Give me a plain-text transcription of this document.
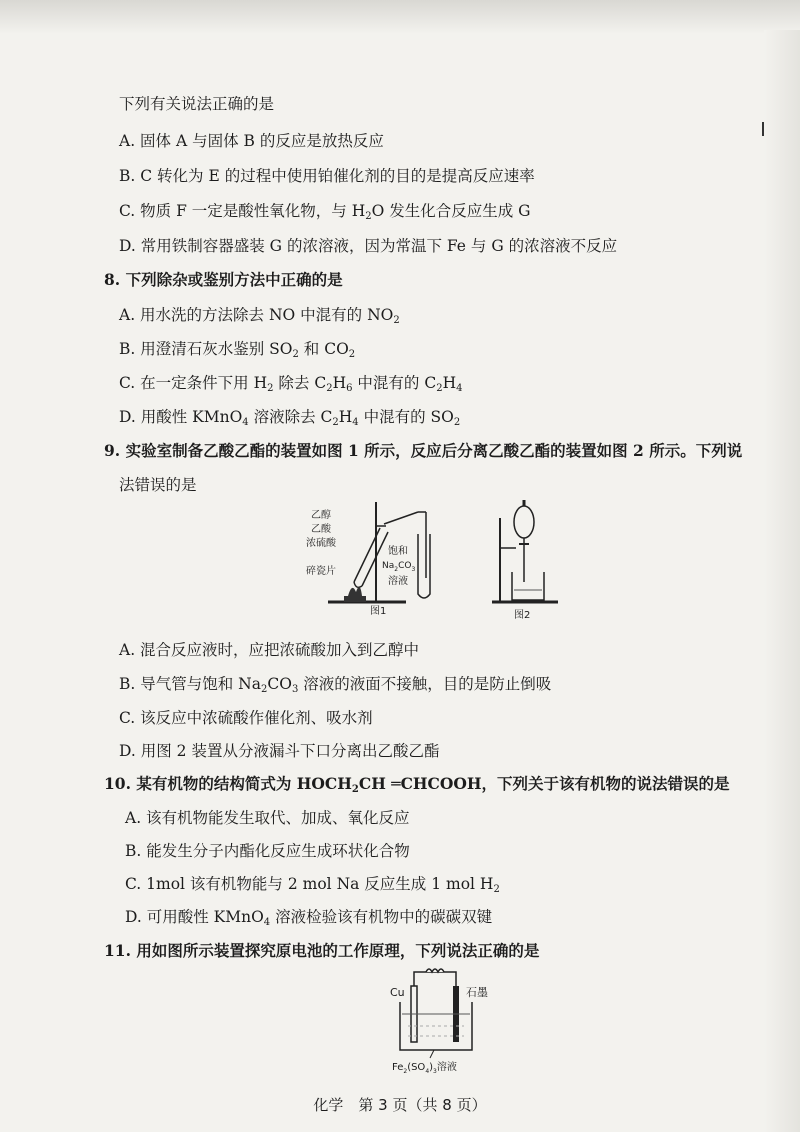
下列有关说法正确的是
A. 固体 A 与固体 B 的反应是放热反应
B. C 转化为 E 的过程中使用铂催化剂的目的是提高反应速率
C. 物质 F 一定是酸性氧化物，与 $H_2O$ 发生化合反应生成 G
D. 常用铁制容器盛装 G 的浓溶液，因为常温下 Fe 与 G 的浓溶液不反应
8. 下列除杂或鉴别方法中正确的是
A. 用水洗的方法除去 NO 中混有的 $NO_2$
B. 用澄清石灰水鉴别 $SO_2$ 和 $CO_2$
C. 在一定条件下用 $H_2$ 除去 $C_2H_6$ 中混有的 $C_2H_4$
D. 用酸性 KMnO$_4$ 溶液除去 $C_2H_4$ 中混有的 $SO_2$
9. 实验室制备乙酸乙酯的装置如图 1 所示，反应后分离乙酸乙酯的装置如图 2 所示。下列说
法错误的是
乙醇
乙酸
浓硫酸
碎瓷片
饱和
$Na_2CO_3$
溶液
图1	图2
A. 混合反应液时，应把浓硫酸加入到乙醇中
B. 导气管与饱和 $Na_2CO_3$ 溶液的液面不接触，目的是防止倒吸
C. 该反应中浓硫酸作催化剂、吸水剂
D. 用图 2 装置从分液漏斗下口分离出乙酸乙酯
10. 某有机物的结构简式为 $HOCH_2CH$ ═CHCOOH，下列关于该有机物的说法错误的是
A. 该有机物能发生取代、加成、氧化反应
B. 能发生分子内酯化反应生成环状化合物
C. 1mol 该有机物能与 2 mol Na 反应生成 1 mol $H_2$
D. 可用酸性 KMnO$_4$ 溶液检验该有机物中的碳碳双键
11. 用如图所示装置探究原电池的工作原理，下列说法正确的是
Cu	石墨
$Fe_2(SO_4)_3$溶液
化学　第 3 页（共 8 页）
